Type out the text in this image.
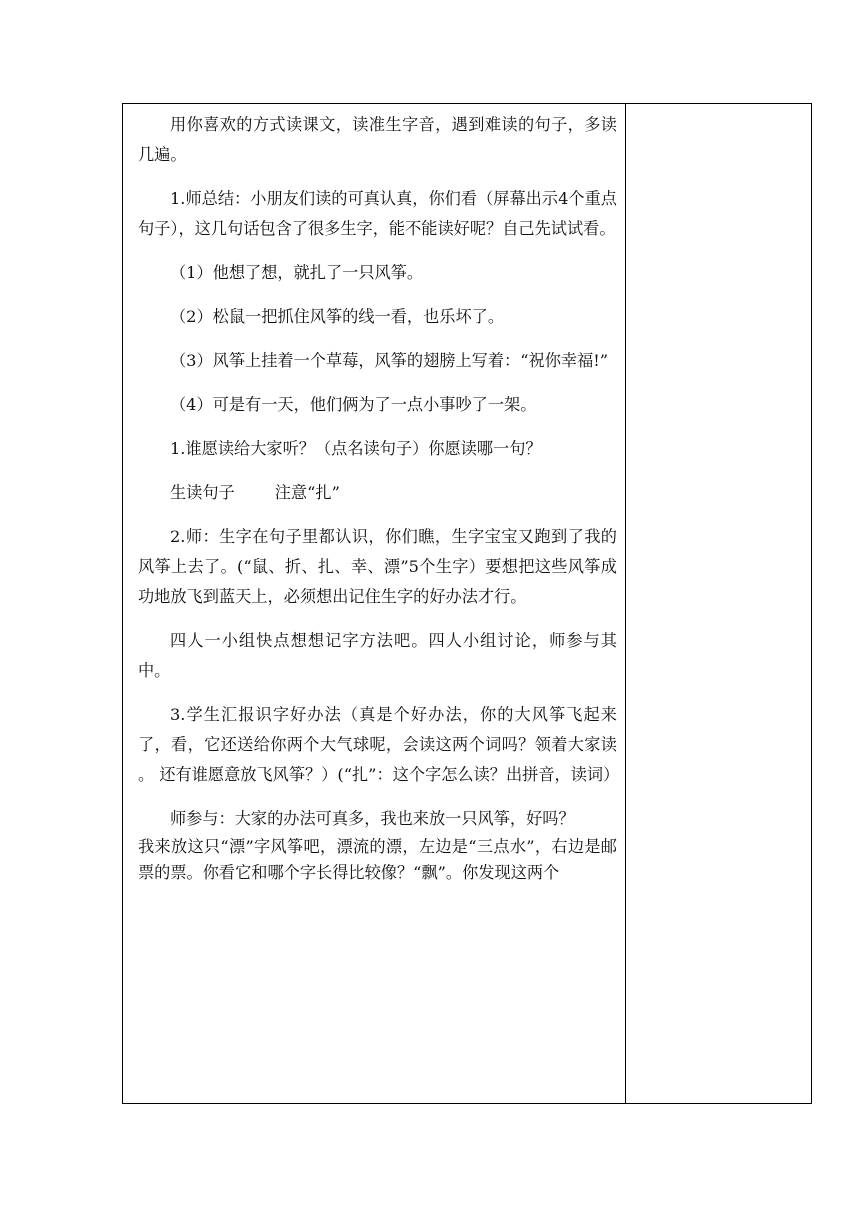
用你喜欢的方式读课文，读准生字音，遇到难读的句子，多读几遍。

1.师总结：小朋友们读的可真认真，你们看（屏幕出示4个重点句子），这几句话包含了很多生字，能不能读好呢？自己先试试看。

（1）他想了想，就扎了一只风筝。

（2）松鼠一把抓住风筝的线一看，也乐坏了。

（3）风筝上挂着一个草莓，风筝的翅膀上写着：“祝你幸福!”

（4）可是有一天，他们俩为了一点小事吵了一架。

1.谁愿读给大家听？（点名读句子）你愿读哪一句？

生读句子 注意“扎”

2.师：生字在句子里都认识，你们瞧，生字宝宝又跑到了我的风筝上去了。(“鼠、折、扎、幸、漂”5个生字）要想把这些风筝成功地放飞到蓝天上，必须想出记住生字的好办法才行。

四人一小组快点想想记字方法吧。四人小组讨论，师参与其中。

3.学生汇报识字好办法（真是个好办法，你的大风筝飞起来了，看，它还送给你两个大气球呢，会读这两个词吗？领着大家读 。 还有谁愿意放飞风筝？）(“扎”：这个字怎么读？出拼音，读词）

师参与：大家的办法可真多，我也来放一只风筝，好吗？

我来放这只“漂”字风筝吧，漂流的漂，左边是“三点水”，右边是邮票的票。你看它和哪个字长得比较像？“飘”。你发现这两个
